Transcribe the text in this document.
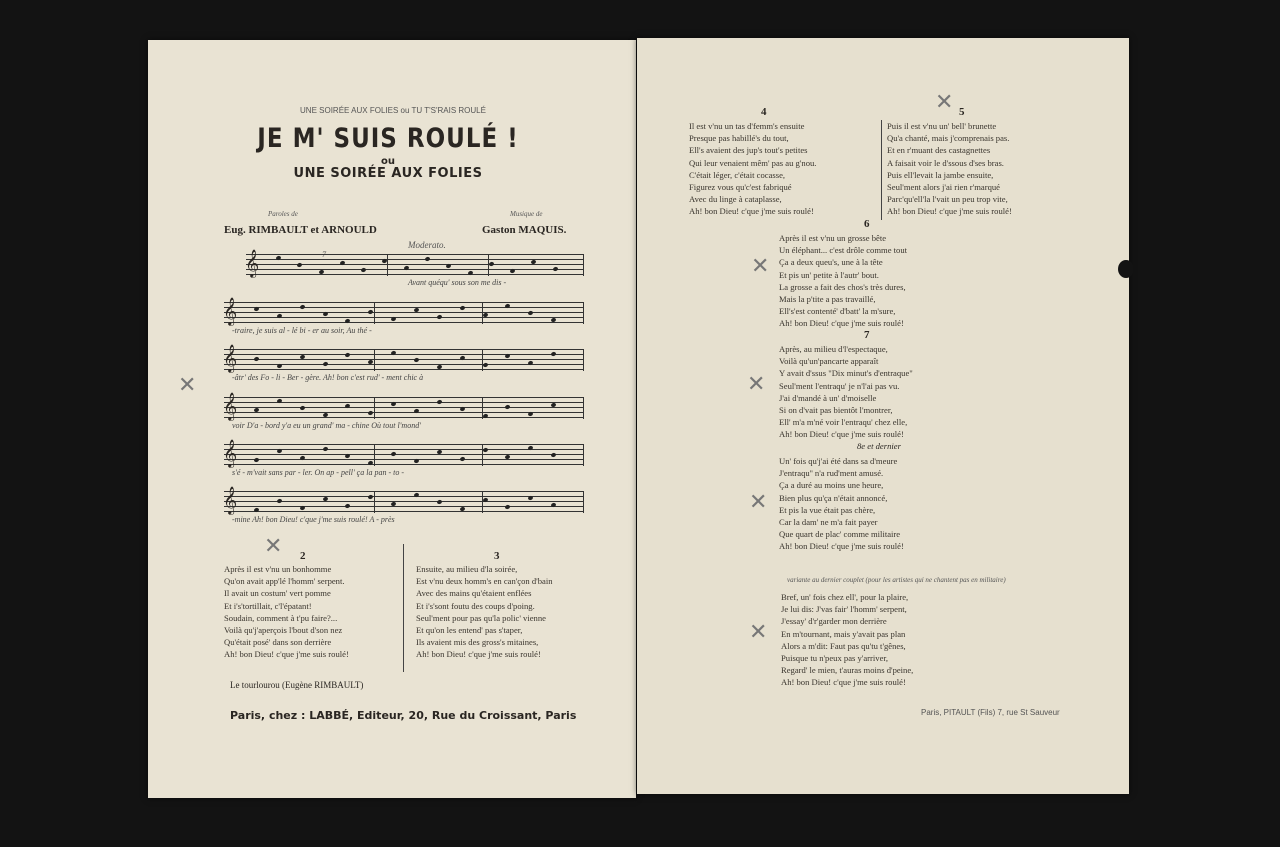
UNE SOIRÉE AUX FOLIES ou TU T'S'RAIS ROULÉ
JE M' SUIS ROULÉ !
ou
UNE SOIRÉE AUX FOLIES
Paroles de
Eug. RIMBAULT et ARNOULD
Musique de
Gaston MAQUIS.
Moderato.
𝄞
Avant quéqu' sous son me dis -
𝄞
-traire, je suis al - lé bi - er au soir, Au thé -
𝄞
-âtr' des Fo - li - Ber - gère. Ah! bon c'est rud' - ment chic à
𝄞
voir D'a - bord y'a eu un grand' ma - chine Où tout l'mond'
𝄞
s'é - m'vait sans par - ler. On ap - pell' ça la pan - to -
𝄞
-mine Ah! bon Dieu! c'que j'me suis roulé! A - près
2
Après il est v'nu un bonhomme
Qu'on avait app'lé l'homm' serpent.
Il avait un costum' vert pomme
Et i's'tortillait, c'l'épatant!
Soudain, comment à t'pu faire?...
Voilà qu'j'aperçois l'bout d'son nez
Qu'était posé' dans son derrière
Ah! bon Dieu! c'que j'me suis roulé!
3
Ensuite, au milieu d'la soirée,
Est v'nu deux homm's en can'çon d'bain
Avec des mains qu'étaient enflées
Et i's'sont foutu des coups d'poing.
Seul'ment pour pas qu'la polic' vienne
Et qu'on les entend' pas s'taper,
Ils avaient mis des gross's mitaines,
Ah! bon Dieu! c'que j'me suis roulé!
Le tourlourou (Eugène RIMBAULT)
Paris, chez : LABBÉ, Editeur, 20, Rue du Croissant, Paris
✕
✕
4
Il est v'nu un tas d'femm's ensuite
Presque pas habillé's du tout,
Ell's avaient des jup's tout's petites
Qui leur venaient mêm' pas au g'nou.
C'était léger, c'était cocasse,
Figurez vous qu'c'est fabriqué
Avec du linge à cataplasse,
Ah! bon Dieu! c'que j'me suis roulé!
5
Puis il est v'nu un' bell' brunette
Qu'a chanté, mais j'comprenais pas.
Et en r'muant des castagnettes
A faisait voir le d'ssous d'ses bras.
Puis ell'levait la jambe ensuite,
Seul'ment alors j'ai rien r'marqué
Parc'qu'ell'la l'vait un peu trop vite,
Ah! bon Dieu! c'que j'me suis roulé!
6
Après il est v'nu un grosse bête
Un éléphant... c'est drôle comme tout
Ça a deux queu's, une à la tête
Et pis un' petite à l'autr' bout.
La grosse a fait des chos's très dures,
Mais la p'tite a pas travaillé,
Ell's'est contenté' d'batt' la m'sure,
Ah! bon Dieu! c'que j'me suis roulé!
7
Après, au milieu d'l'espectaque,
Voilà qu'un'pancarte apparaît
Y avait d'ssus "Dix minut's d'entraque"
Seul'ment l'entraqu' je n'l'ai pas vu.
J'ai d'mandé à un' d'moiselle
Si on d'vait pas bientôt l'montrer,
Ell' m'a m'né voir l'entraqu' chez elle,
Ah! bon Dieu! c'que j'me suis roulé!
8e et dernier
Un' fois qu'j'ai été dans sa d'meure
J'entraqu'' n'a rud'ment amusé.
Ça a duré au moins une heure,
Bien plus qu'ça n'était annoncé,
Et pis la vue était pas chère,
Car la dam' ne m'a fait payer
Que quart de plac' comme militaire
Ah! bon Dieu! c'que j'me suis roulé!
variante au dernier couplet (pour les artistes qui ne chantent pas en militaire)
Bref, un' fois chez ell', pour la plaire,
Je lui dis: J'vas fair' l'homm' serpent,
J'essay' d'r'garder mon derrière
En m'tournant, mais y'avait pas plan
Alors a m'dit: Faut pas qu'tu t'gênes,
Puisque tu n'peux pas y'arriver,
Regard' le mien, t'auras moins d'peine,
Ah! bon Dieu! c'que j'me suis roulé!
Paris, PITAULT (Fils) 7, rue St Sauveur
✕
✕
✕
✕
✕
